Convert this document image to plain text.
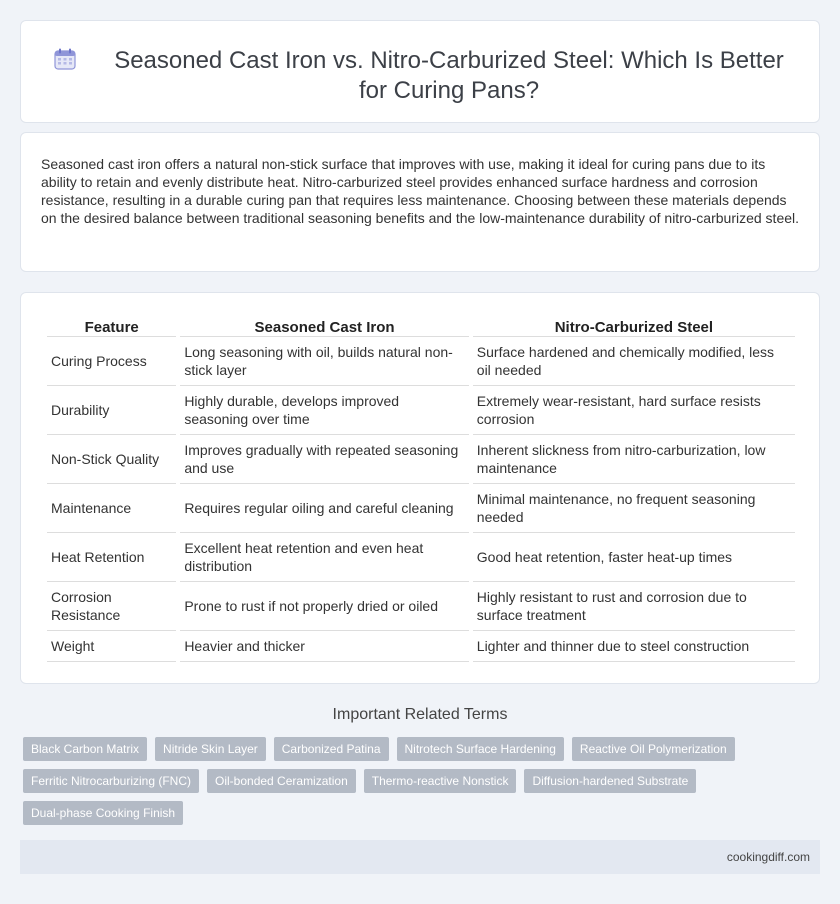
Seasoned Cast Iron vs. Nitro-Carburized Steel: Which Is Better for Curing Pans?

Seasoned cast iron offers a natural non-stick surface that improves with use, making it ideal for curing pans due to its ability to retain and evenly distribute heat. Nitro-carburized steel provides enhanced surface hardness and corrosion resistance, resulting in a durable curing pan that requires less maintenance. Choosing between these materials depends on the desired balance between traditional seasoning benefits and the low-maintenance durability of nitro-carburized steel.

Feature	Seasoned Cast Iron	Nitro-Carburized Steel
Curing Process	Long seasoning with oil, builds natural non-stick layer	Surface hardened and chemically modified, less oil needed
Durability	Highly durable, develops improved seasoning over time	Extremely wear-resistant, hard surface resists corrosion
Non-Stick Quality	Improves gradually with repeated seasoning and use	Inherent slickness from nitro-carburization, low maintenance
Maintenance	Requires regular oiling and careful cleaning	Minimal maintenance, no frequent seasoning needed
Heat Retention	Excellent heat retention and even heat distribution	Good heat retention, faster heat-up times
Corrosion Resistance	Prone to rust if not properly dried or oiled	Highly resistant to rust and corrosion due to surface treatment
Weight	Heavier and thicker	Lighter and thinner due to steel construction
Important Related Terms
Black Carbon Matrix	Nitride Skin Layer	Carbonized Patina	Nitrotech Surface Hardening	Reactive Oil Polymerization
Ferritic Nitrocarburizing (FNC)	Oil-bonded Ceramization	Thermo-reactive Nonstick	Diffusion-hardened Substrate
Dual-phase Cooking Finish
cookingdiff.com
